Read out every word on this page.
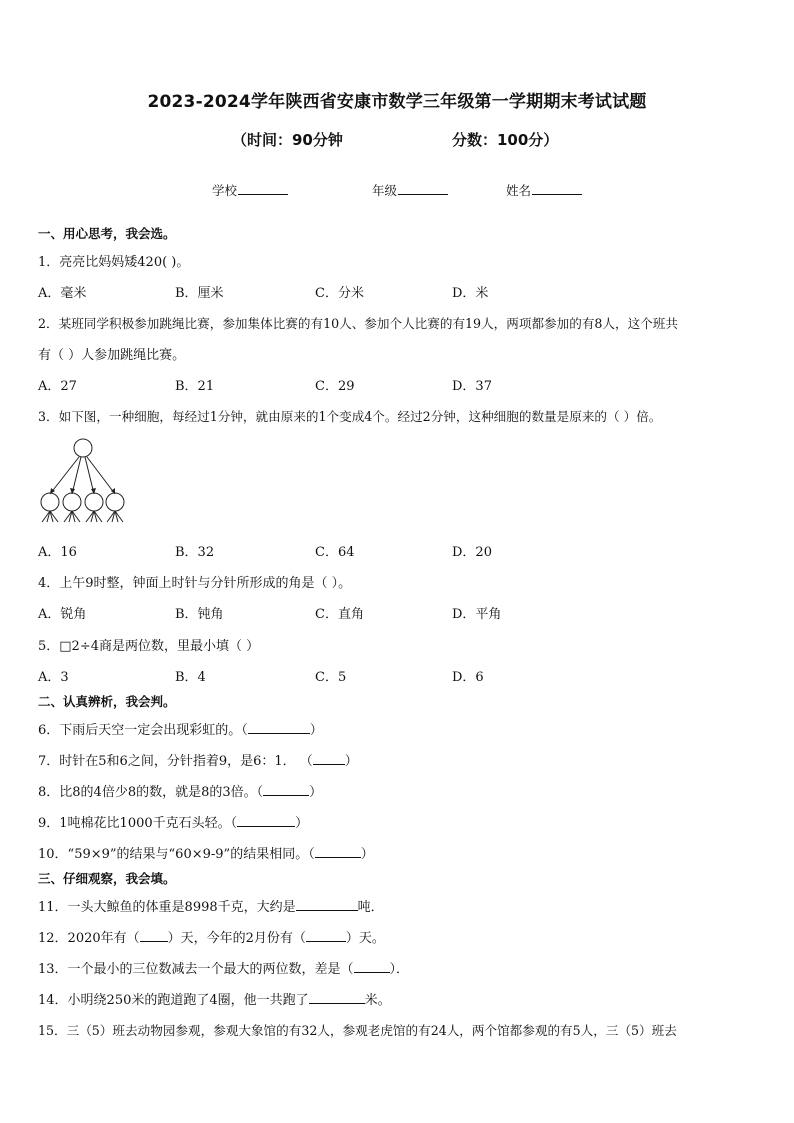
2023-2024学年陕西省安康市数学三年级第一学期期末考试试题
（时间：90分钟	分数：100分）
学校	年级	姓名
一、用心思考，我会选。
1．亮亮比妈妈矮420( )。
A．毫米	B．厘米	C．分米	D．米
2．某班同学积极参加跳绳比赛，参加集体比赛的有10人、参加个人比赛的有19人，两项都参加的有8人，这个班共
有（ ）人参加跳绳比赛。
A．27	B．21	C．29	D．37
3．如下图，一种细胞，每经过1分钟，就由原来的1个变成4个。经过2分钟，这种细胞的数量是原来的（ ）倍。
A．16	B．32	C．64	D．20
4．上午9时整，钟面上时针与分针所形成的角是（ ）。
A．锐角	B．钝角	C．直角	D．平角
5．□2÷4商是两位数，里最小填（ ）
A．3	B．4	C．5	D．6
二、认真辨析，我会判。
6．下雨后天空一定会出现彩虹的。（	）
7．时针在5和6之间，分针指着9，是6：1． （ ）
8．比8的4倍少8的数，就是8的3倍。（	）
9．1吨棉花比1000千克石头轻。（	）
10．“59×9”的结果与“60×9-9”的结果相同。（	）
三、仔细观察，我会填。
11．一头大鲸鱼的体重是8998千克，大约是	吨．
12．2020年有（ ）天，今年的2月份有（	）天。
13．一个最小的三位数减去一个最大的两位数，差是（	）．
14．小明绕250米的跑道跑了4圈，他一共跑了	米。
15．三（5）班去动物园参观，参观大象馆的有32人，参观老虎馆的有24人，两个馆都参观的有5人，三（5）班去
